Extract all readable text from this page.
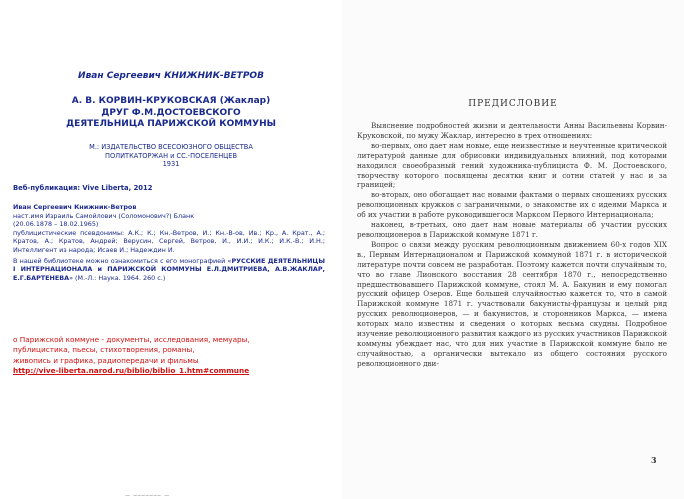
Иван Сергеевич КНИЖНИК-ВЕТРОВ
А. В. КОРВИН-КРУКОВСКАЯ (Жаклар)
ДРУГ Ф.М.ДОСТОЕВСКОГО
ДЕЯТЕЛЬНИЦА ПАРИЖСКОЙ КОММУНЫ
М.: ИЗДАТЕЛЬСТВО ВСЕСОЮЗНОГО ОБЩЕСТВА
ПОЛИТКАТОРЖАН и СС.-ПОСЕЛЕНЦЕВ
1931
Веб-публикация: Vive Liberta, 2012

Иван Сергеевич Книжник-Ветров
наст.имя Израиль Самойлович (Соломонович?) Бланк
(20.06.1878 – 18.02.1965)
публицистические псевдонимы: А.К.; К.; Кн.-Ветров, И.; Кн.-В-ов, Ив.; Кр., А. Крат., А.; Кратов, А.; Кратов, Андрей; Верусин, Сергей, Ветров, И., И.И.; И.К.; И.К.-В.; И.Н.; Интеллигент из народа; Исаев И.; Надеждин И.

В нашей библиотеке можно ознакомиться с его монографией «РУССКИЕ ДЕЯТЕЛЬНИЦЫ I ИНТЕРНАЦИОНАЛА и ПАРИЖСКОЙ КОММУНЫ Е.Л.ДМИТРИЕВА, А.В.ЖАКЛАР, Е.Г.БАРТЕНЕВА» (М.-Л.: Наука. 1964. 260 с.)

о Парижской коммуне - документы, исследования, мемуары,
публицистика, пьесы, стихотворения, романы,
живопись и графика, радиопередачи и фильмы
http://vive-liberta.narod.ru/biblio/biblio_1.htm#commune
— ─────── —
ПРЕДИСЛОВИЕ

Выяснение подробностей жизни и деятельности Анны Васильевны Корвин-Круковской, по мужу Жаклар, интересно в трех отношениях:

во-первых, оно дает нам новые, еще неизвестные и неучтенные критической литературой данные для обрисовки индивидуальных влияний, под которыми находился своеобразный гений художника-публициста Ф. М. Достоевского, творчеству которого посвящены десятки книг и сотни статей у нас и за границей;

во-вторых, оно обогащает нас новыми фактами о первых сношениях русских революционных кружков с заграничными, о знакомстве их с идеями Маркса и об их участии в работе руководившегося Марксом Первого Интернационала;

наконец, в-третьих, оно дает нам новые материалы об участии русских революционеров в Парижской коммуне 1871 г.

Вопрос о связи между русским революционным движением 60-х годов XIX в., Первым Интернационалом и Парижской коммуной 1871 г. в исторической литературе почти совсем не разработан. Поэтому кажется почти случайным то, что во главе Лионского восстания 28 сентября 1870 г., непосредственно предшествовавшего Парижской коммуне, стоял М. А. Бакунин и ему помогал русский офицер Озеров. Еще большей случайностью кажется то, что в самой Парижской коммуне 1871 г. участвовали бакунисты-французы и целый ряд русских революционеров, — и бакунистов, и сторонников Маркса, — имена которых мало известны и сведения о которых весьма скудны. Подробное изучение революционного развития каждого из русских участников Парижской коммуны убеждает нас, что для них участие в Парижской коммуне было не случайностью, а органически вытекало из общего состояния русского революционного дви-

3
